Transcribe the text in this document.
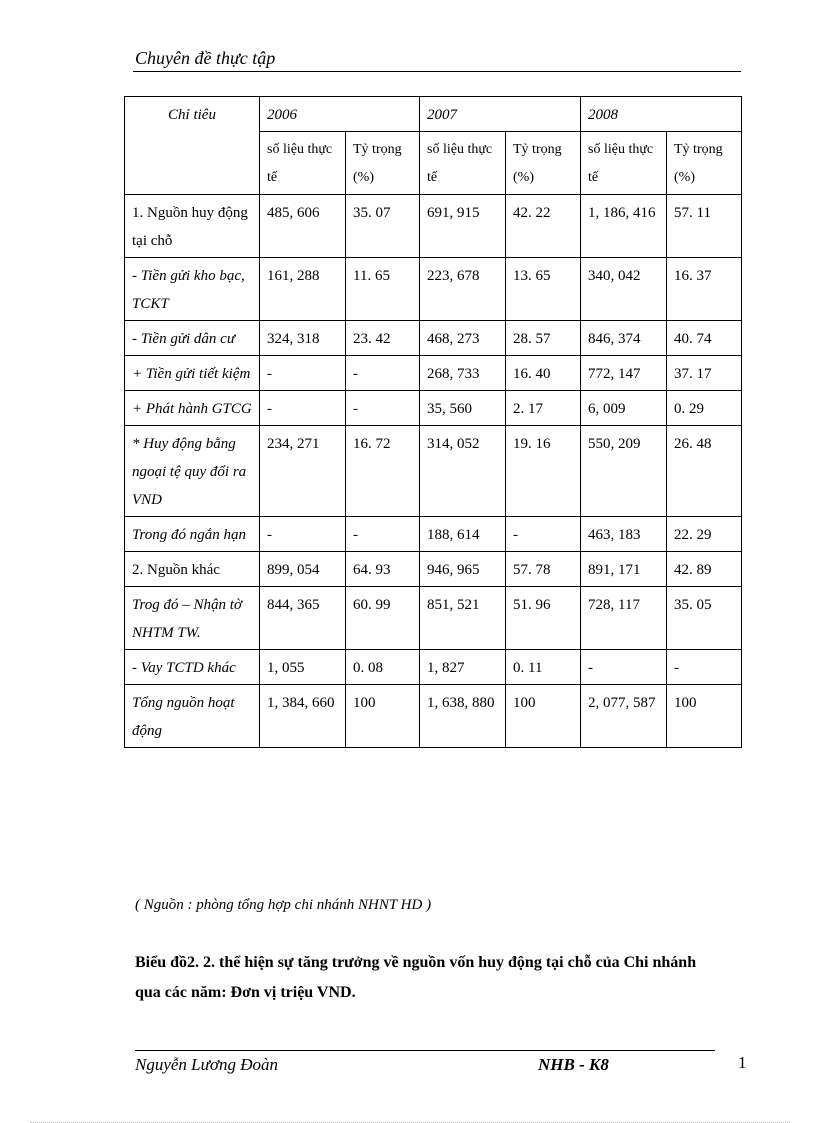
Chuyên đề thực tập
Chỉ tiêu	2006		2007		2008	
	số liệu thực tế	Tỷ trọng (%)	số liệu thực tế	Tỷ trọng (%)	số liệu thực tế	Tỷ trọng (%)
1. Nguồn huy động tại chỗ	485, 606	35. 07	691, 915	42. 22	1, 186, 416	57. 11
- Tiền gửi kho bạc, TCKT	161, 288	11. 65	223, 678	13. 65	340, 042	16. 37
- Tiền gửi dân cư	324, 318	23. 42	468, 273	28. 57	846, 374	40. 74
+ Tiền gửi tiết kiệm	-	-	268, 733	16. 40	772, 147	37. 17
+ Phát hành GTCG	-	-	35, 560	2. 17	6, 009	0. 29
* Huy động bằng ngoại tệ quy đổi ra VND	234, 271	16. 72	314, 052	19. 16	550, 209	26. 48
Trong đó ngắn hạn	-	-	188, 614	-	463, 183	22. 29
2. Nguồn khác	899, 054	64. 93	946, 965	57. 78	891, 171	42. 89
Trog đó – Nhận tờ NHTM TW.	844, 365	60. 99	851, 521	51. 96	728, 117	35. 05
- Vay TCTD khác	1, 055	0. 08	1, 827	0. 11	-	-
Tổng nguồn hoạt động	1, 384, 660	100	1, 638, 880	100	2, 077, 587	100
( Nguồn : phòng tổng hợp chi nhánh NHNT HD )
Biểu đồ2. 2. thể hiện sự tăng trưởng về nguồn vốn huy động tại chỗ của Chi nhánh qua các năm: Đơn vị triệu VND.
Nguyễn Lương Đoàn	NHB - K8	1
